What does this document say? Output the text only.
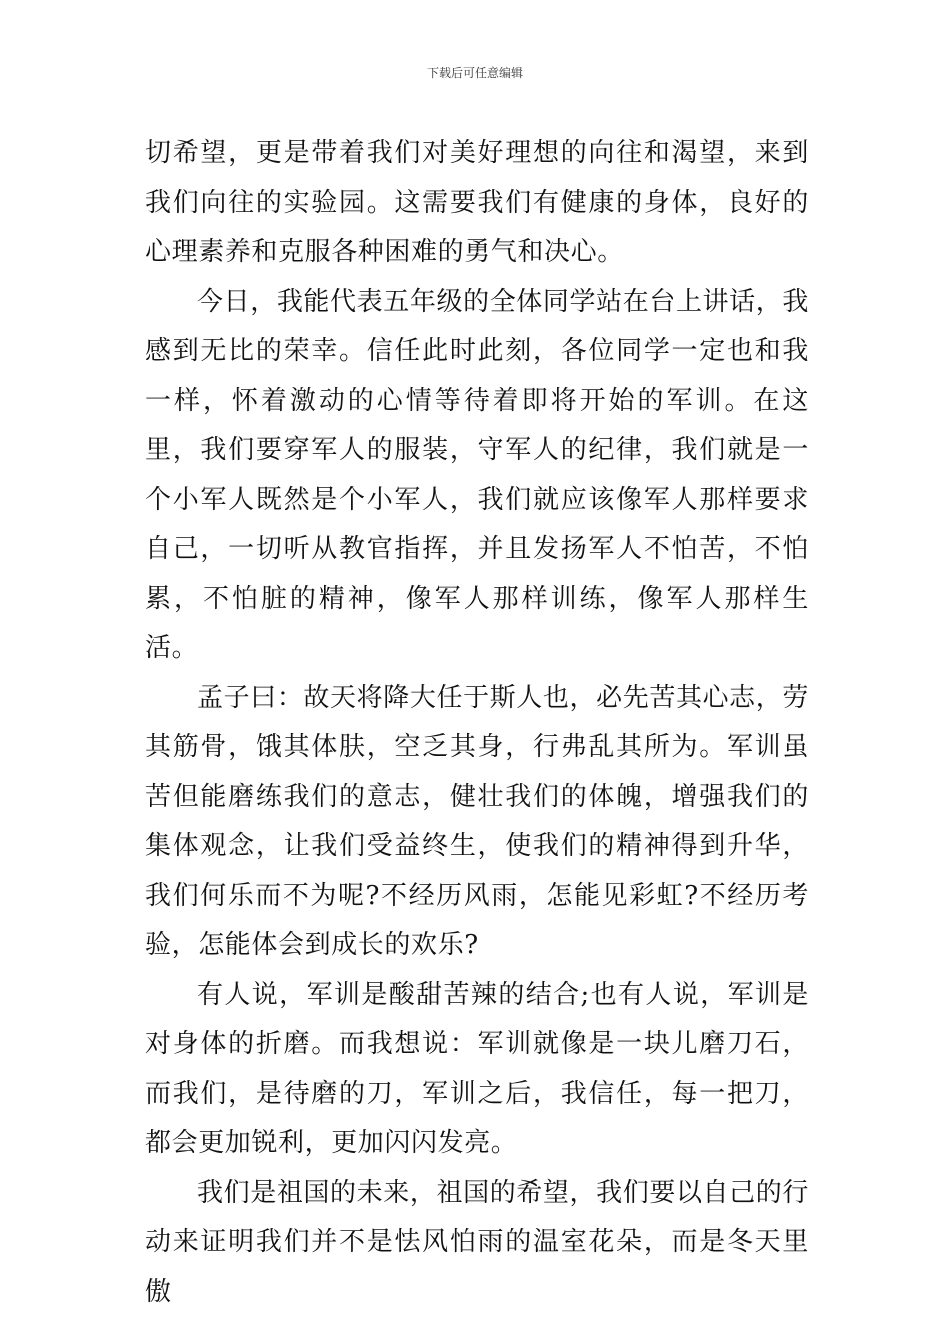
下载后可任意编辑

切希望，更是带着我们对美好理想的向往和渴望，来到我们向往的实验园。这需要我们有健康的身体，良好的心理素养和克服各种困难的勇气和决心。

今日，我能代表五年级的全体同学站在台上讲话，我感到无比的荣幸。信任此时此刻，各位同学一定也和我一样，怀着激动的心情等待着即将开始的军训。在这里，我们要穿军人的服装，守军人的纪律，我们就是一个小军人既然是个小军人，我们就应该像军人那样要求自己，一切听从教官指挥，并且发扬军人不怕苦，不怕累，不怕脏的精神，像军人那样训练，像军人那样生活。

孟子曰：故天将降大任于斯人也，必先苦其心志，劳其筋骨，饿其体肤，空乏其身，行弗乱其所为。军训虽苦但能磨练我们的意志，健壮我们的体魄，增强我们的集体观念，让我们受益终生，使我们的精神得到升华，我们何乐而不为呢?不经历风雨，怎能见彩虹?不经历考验，怎能体会到成长的欢乐?

有人说，军训是酸甜苦辣的结合;也有人说，军训是对身体的折磨。而我想说：军训就像是一块儿磨刀石，而我们，是待磨的刀，军训之后，我信任，每一把刀，都会更加锐利，更加闪闪发亮。

我们是祖国的未来，祖国的希望，我们要以自己的行动来证明我们并不是怯风怕雨的温室花朵，而是冬天里傲
